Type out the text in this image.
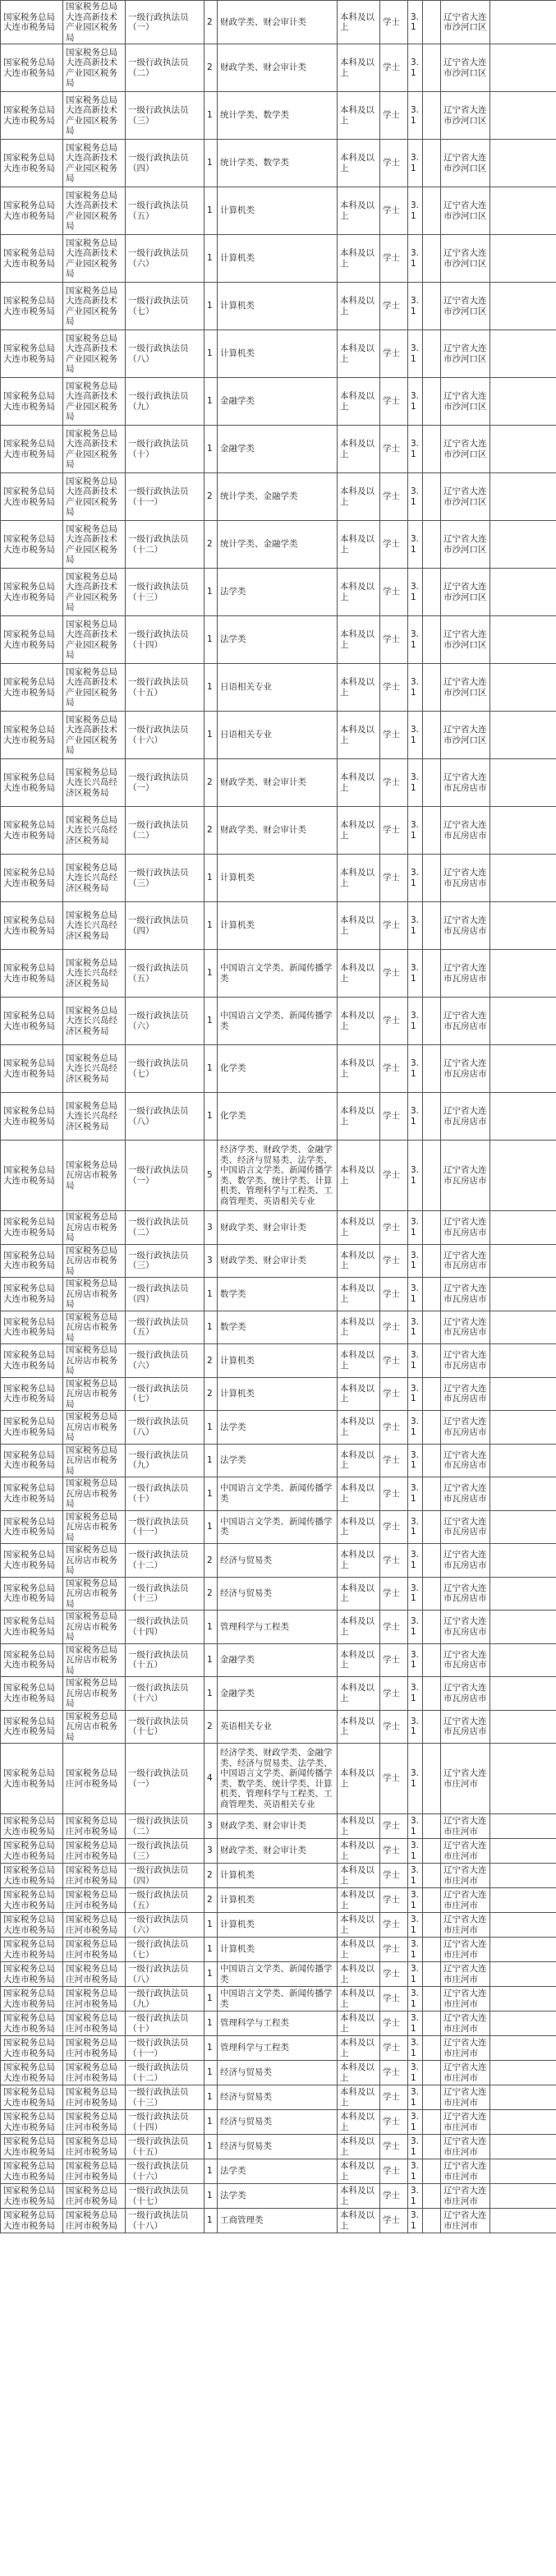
国家税务总局大连市税务局	国家税务总局大连高新技术产业园区税务局	一级行政执法员（一）	2	财政学类、财会审计类	本科及以上	学士	3.1		辽宁省大连市沙河口区	
国家税务总局大连市税务局	国家税务总局大连高新技术产业园区税务局	一级行政执法员（二）	2	财政学类、财会审计类	本科及以上	学士	3.1		辽宁省大连市沙河口区	
国家税务总局大连市税务局	国家税务总局大连高新技术产业园区税务局	一级行政执法员（三）	1	统计学类、数学类	本科及以上	学士	3.1		辽宁省大连市沙河口区	
国家税务总局大连市税务局	国家税务总局大连高新技术产业园区税务局	一级行政执法员（四）	1	统计学类、数学类	本科及以上	学士	3.1		辽宁省大连市沙河口区	
国家税务总局大连市税务局	国家税务总局大连高新技术产业园区税务局	一级行政执法员（五）	1	计算机类	本科及以上	学士	3.1		辽宁省大连市沙河口区	
国家税务总局大连市税务局	国家税务总局大连高新技术产业园区税务局	一级行政执法员（六）	1	计算机类	本科及以上	学士	3.1		辽宁省大连市沙河口区	
国家税务总局大连市税务局	国家税务总局大连高新技术产业园区税务局	一级行政执法员（七）	1	计算机类	本科及以上	学士	3.1		辽宁省大连市沙河口区	
国家税务总局大连市税务局	国家税务总局大连高新技术产业园区税务局	一级行政执法员（八）	1	计算机类	本科及以上	学士	3.1		辽宁省大连市沙河口区	
国家税务总局大连市税务局	国家税务总局大连高新技术产业园区税务局	一级行政执法员（九）	1	金融学类	本科及以上	学士	3.1		辽宁省大连市沙河口区	
国家税务总局大连市税务局	国家税务总局大连高新技术产业园区税务局	一级行政执法员（十）	1	金融学类	本科及以上	学士	3.1		辽宁省大连市沙河口区	
国家税务总局大连市税务局	国家税务总局大连高新技术产业园区税务局	一级行政执法员（十一）	2	统计学类、金融学类	本科及以上	学士	3.1		辽宁省大连市沙河口区	
国家税务总局大连市税务局	国家税务总局大连高新技术产业园区税务局	一级行政执法员（十二）	2	统计学类、金融学类	本科及以上	学士	3.1		辽宁省大连市沙河口区	
国家税务总局大连市税务局	国家税务总局大连高新技术产业园区税务局	一级行政执法员（十三）	1	法学类	本科及以上	学士	3.1		辽宁省大连市沙河口区	
国家税务总局大连市税务局	国家税务总局大连高新技术产业园区税务局	一级行政执法员（十四）	1	法学类	本科及以上	学士	3.1		辽宁省大连市沙河口区	
国家税务总局大连市税务局	国家税务总局大连高新技术产业园区税务局	一级行政执法员（十五）	1	日语相关专业	本科及以上	学士	3.1		辽宁省大连市沙河口区	
国家税务总局大连市税务局	国家税务总局大连高新技术产业园区税务局	一级行政执法员（十六）	1	日语相关专业	本科及以上	学士	3.1		辽宁省大连市沙河口区	
国家税务总局大连市税务局	国家税务总局大连长兴岛经济区税务局	一级行政执法员（一）	2	财政学类、财会审计类	本科及以上	学士	3.1		辽宁省大连市瓦房店市	
国家税务总局大连市税务局	国家税务总局大连长兴岛经济区税务局	一级行政执法员（二）	2	财政学类、财会审计类	本科及以上	学士	3.1		辽宁省大连市瓦房店市	
国家税务总局大连市税务局	国家税务总局大连长兴岛经济区税务局	一级行政执法员（三）	1	计算机类	本科及以上	学士	3.1		辽宁省大连市瓦房店市	
国家税务总局大连市税务局	国家税务总局大连长兴岛经济区税务局	一级行政执法员（四）	1	计算机类	本科及以上	学士	3.1		辽宁省大连市瓦房店市	
国家税务总局大连市税务局	国家税务总局大连长兴岛经济区税务局	一级行政执法员（五）	1	中国语言文学类、新闻传播学类	本科及以上	学士	3.1		辽宁省大连市瓦房店市	
国家税务总局大连市税务局	国家税务总局大连长兴岛经济区税务局	一级行政执法员（六）	1	中国语言文学类、新闻传播学类	本科及以上	学士	3.1		辽宁省大连市瓦房店市	
国家税务总局大连市税务局	国家税务总局大连长兴岛经济区税务局	一级行政执法员（七）	1	化学类	本科及以上	学士	3.1		辽宁省大连市瓦房店市	
国家税务总局大连市税务局	国家税务总局大连长兴岛经济区税务局	一级行政执法员（八）	1	化学类	本科及以上	学士	3.1		辽宁省大连市瓦房店市	
国家税务总局大连市税务局	国家税务总局瓦房店市税务局	一级行政执法员（一）	5	经济学类、财政学类、金融学类、经济与贸易类、法学类、中国语言文学类、新闻传播学类、数学类、统计学类、计算机类、管理科学与工程类、工商管理类、英语相关专业	本科及以上	学士	3.1		辽宁省大连市瓦房店市	
国家税务总局大连市税务局	国家税务总局瓦房店市税务局	一级行政执法员（二）	3	财政学类、财会审计类	本科及以上	学士	3.1		辽宁省大连市瓦房店市	
国家税务总局大连市税务局	国家税务总局瓦房店市税务局	一级行政执法员（三）	3	财政学类、财会审计类	本科及以上	学士	3.1		辽宁省大连市瓦房店市	
国家税务总局大连市税务局	国家税务总局瓦房店市税务局	一级行政执法员（四）	1	数学类	本科及以上	学士	3.1		辽宁省大连市瓦房店市	
国家税务总局大连市税务局	国家税务总局瓦房店市税务局	一级行政执法员（五）	1	数学类	本科及以上	学士	3.1		辽宁省大连市瓦房店市	
国家税务总局大连市税务局	国家税务总局瓦房店市税务局	一级行政执法员（六）	2	计算机类	本科及以上	学士	3.1		辽宁省大连市瓦房店市	
国家税务总局大连市税务局	国家税务总局瓦房店市税务局	一级行政执法员（七）	2	计算机类	本科及以上	学士	3.1		辽宁省大连市瓦房店市	
国家税务总局大连市税务局	国家税务总局瓦房店市税务局	一级行政执法员（八）	1	法学类	本科及以上	学士	3.1		辽宁省大连市瓦房店市	
国家税务总局大连市税务局	国家税务总局瓦房店市税务局	一级行政执法员（九）	1	法学类	本科及以上	学士	3.1		辽宁省大连市瓦房店市	
国家税务总局大连市税务局	国家税务总局瓦房店市税务局	一级行政执法员（十）	1	中国语言文学类、新闻传播学类	本科及以上	学士	3.1		辽宁省大连市瓦房店市	
国家税务总局大连市税务局	国家税务总局瓦房店市税务局	一级行政执法员（十一）	1	中国语言文学类、新闻传播学类	本科及以上	学士	3.1		辽宁省大连市瓦房店市	
国家税务总局大连市税务局	国家税务总局瓦房店市税务局	一级行政执法员（十二）	2	经济与贸易类	本科及以上	学士	3.1		辽宁省大连市瓦房店市	
国家税务总局大连市税务局	国家税务总局瓦房店市税务局	一级行政执法员（十三）	2	经济与贸易类	本科及以上	学士	3.1		辽宁省大连市瓦房店市	
国家税务总局大连市税务局	国家税务总局瓦房店市税务局	一级行政执法员（十四）	1	管理科学与工程类	本科及以上	学士	3.1		辽宁省大连市瓦房店市	
国家税务总局大连市税务局	国家税务总局瓦房店市税务局	一级行政执法员（十五）	1	金融学类	本科及以上	学士	3.1		辽宁省大连市瓦房店市	
国家税务总局大连市税务局	国家税务总局瓦房店市税务局	一级行政执法员（十六）	1	金融学类	本科及以上	学士	3.1		辽宁省大连市瓦房店市	
国家税务总局大连市税务局	国家税务总局瓦房店市税务局	一级行政执法员（十七）	2	英语相关专业	本科及以上	学士	3.1		辽宁省大连市瓦房店市	
国家税务总局大连市税务局	国家税务总局庄河市税务局	一级行政执法员（一）	4	经济学类、财政学类、金融学类、经济与贸易类、法学类、中国语言文学类、新闻传播学类、数学类、统计学类、计算机类、管理科学与工程类、工商管理类、英语相关专业	本科及以上	学士	3.1		辽宁省大连市庄河市	
国家税务总局大连市税务局	国家税务总局庄河市税务局	一级行政执法员（二）	3	财政学类、财会审计类	本科及以上	学士	3.1		辽宁省大连市庄河市	
国家税务总局大连市税务局	国家税务总局庄河市税务局	一级行政执法员（三）	3	财政学类、财会审计类	本科及以上	学士	3.1		辽宁省大连市庄河市	
国家税务总局大连市税务局	国家税务总局庄河市税务局	一级行政执法员（四）	2	计算机类	本科及以上	学士	3.1		辽宁省大连市庄河市	
国家税务总局大连市税务局	国家税务总局庄河市税务局	一级行政执法员（五）	2	计算机类	本科及以上	学士	3.1		辽宁省大连市庄河市	
国家税务总局大连市税务局	国家税务总局庄河市税务局	一级行政执法员（六）	1	计算机类	本科及以上	学士	3.1		辽宁省大连市庄河市	
国家税务总局大连市税务局	国家税务总局庄河市税务局	一级行政执法员（七）	1	计算机类	本科及以上	学士	3.1		辽宁省大连市庄河市	
国家税务总局大连市税务局	国家税务总局庄河市税务局	一级行政执法员（八）	1	中国语言文学类、新闻传播学类	本科及以上	学士	3.1		辽宁省大连市庄河市	
国家税务总局大连市税务局	国家税务总局庄河市税务局	一级行政执法员（九）	1	中国语言文学类、新闻传播学类	本科及以上	学士	3.1		辽宁省大连市庄河市	
国家税务总局大连市税务局	国家税务总局庄河市税务局	一级行政执法员（十）	1	管理科学与工程类	本科及以上	学士	3.1		辽宁省大连市庄河市	
国家税务总局大连市税务局	国家税务总局庄河市税务局	一级行政执法员（十一）	1	管理科学与工程类	本科及以上	学士	3.1		辽宁省大连市庄河市	
国家税务总局大连市税务局	国家税务总局庄河市税务局	一级行政执法员（十二）	1	经济与贸易类	本科及以上	学士	3.1		辽宁省大连市庄河市	
国家税务总局大连市税务局	国家税务总局庄河市税务局	一级行政执法员（十三）	1	经济与贸易类	本科及以上	学士	3.1		辽宁省大连市庄河市	
国家税务总局大连市税务局	国家税务总局庄河市税务局	一级行政执法员（十四）	1	经济与贸易类	本科及以上	学士	3.1		辽宁省大连市庄河市	
国家税务总局大连市税务局	国家税务总局庄河市税务局	一级行政执法员（十五）	1	经济与贸易类	本科及以上	学士	3.1		辽宁省大连市庄河市	
国家税务总局大连市税务局	国家税务总局庄河市税务局	一级行政执法员（十六）	1	法学类	本科及以上	学士	3.1		辽宁省大连市庄河市	
国家税务总局大连市税务局	国家税务总局庄河市税务局	一级行政执法员（十七）	1	法学类	本科及以上	学士	3.1		辽宁省大连市庄河市	
国家税务总局大连市税务局	国家税务总局庄河市税务局	一级行政执法员（十八）	1	工商管理类	本科及以上	学士	3.1		辽宁省大连市庄河市	
